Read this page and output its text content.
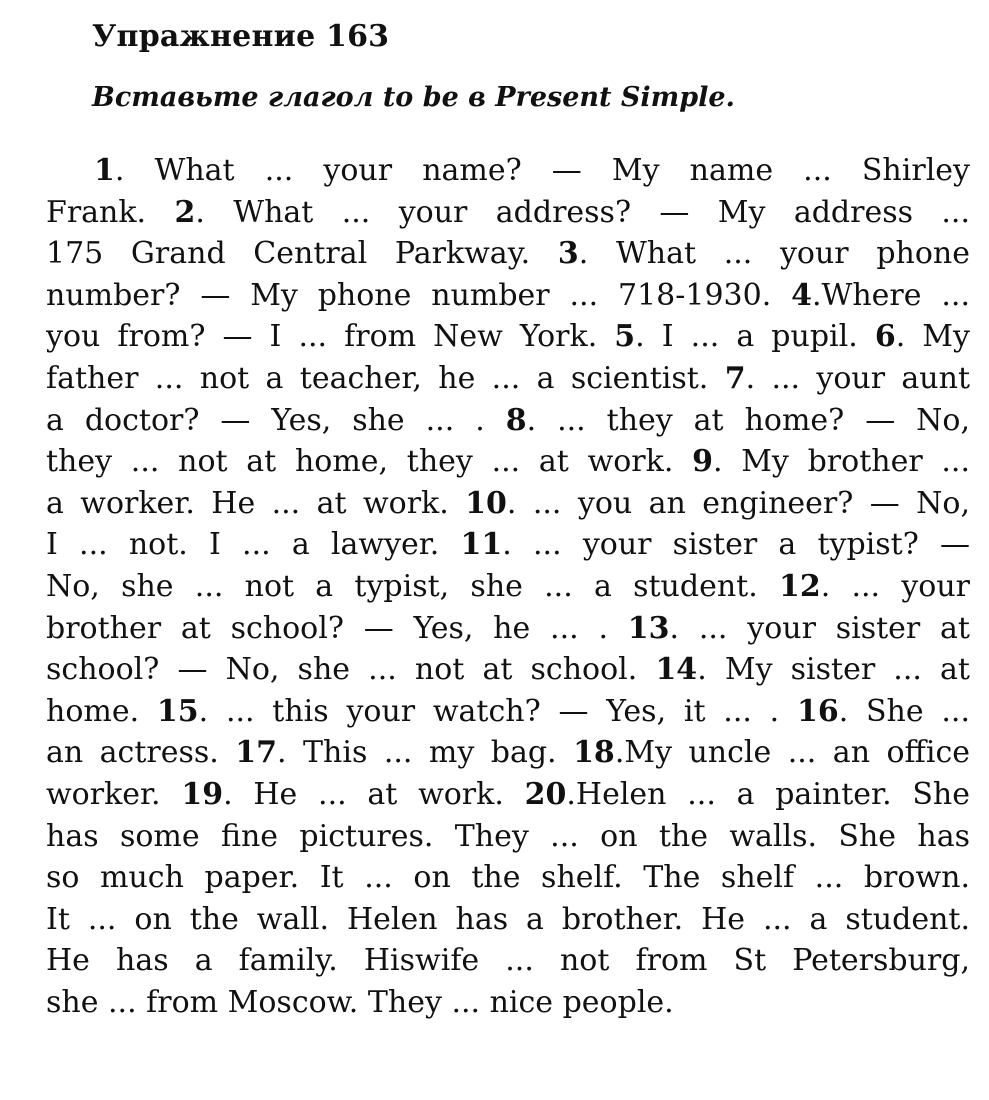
Упражнение 163

Вставьте глагол to be в Present Simple.

1. What ... your name? — My name ... Shirley
Frank. 2. What ... your address? — My address ...
175 Grand Central Parkway. 3. What ... your phone
number? — My phone number ... 718-1930. 4.Where ...
you from? — I ... from New York. 5. I ... a pupil. 6. My
father ... not a teacher, he ... a scientist. 7. ... your aunt
a doctor? — Yes, she ... . 8. ... they at home? — No,
they ... not at home, they ... at work. 9. My brother ...
a worker. He ... at work. 10. ... you an engineer? — No,
I ... not. I ... a lawyer. 11. ... your sister a typist? —
No, she ... not a typist, she ... a student. 12. ... your
brother at school? — Yes, he ... . 13. ... your sister at
school? — No, she ... not at school. 14. My sister ... at
home. 15. ... this your watch? — Yes, it ... . 16. She ...
an actress. 17. This ... my bag. 18.My uncle ... an office
worker. 19. He ... at work. 20.Helen ... a painter. She
has some fine pictures. They ... on the walls. She has
so much paper. It ... on the shelf. The shelf ... brown.
It ... on the wall. Helen has a brother. He ... a student.
He has a family. Hiswife ... not from St Petersburg,
she ... from Moscow. They ... nice people.
